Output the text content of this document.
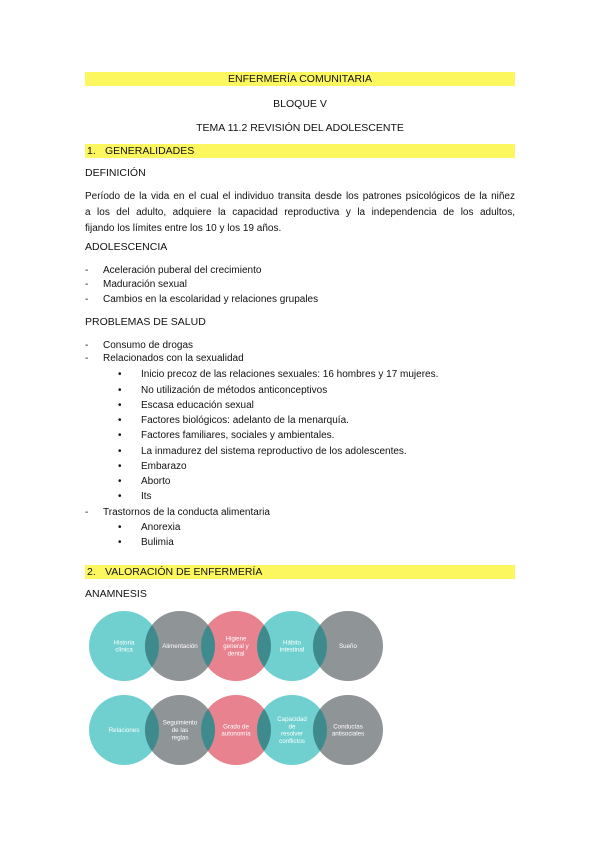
ENFERMERÍA COMUNITARIA
BLOQUE V
TEMA 11.2 REVISIÓN DEL ADOLESCENTE
1. GENERALIDADES
DEFINICIÓN
Período de la vida en el cual el individuo transita desde los patrones psicológicos de la niñez
a los del adulto, adquiere la capacidad reproductiva y la independencia de los adultos,
fijando los límites entre los 10 y los 19 años.
ADOLESCENCIA
- Aceleración puberal del crecimiento
- Maduración sexual
- Cambios en la escolaridad y relaciones grupales
PROBLEMAS DE SALUD
- Consumo de drogas
- Relacionados con la sexualidad
• Inicio precoz de las relaciones sexuales: 16 hombres y 17 mujeres.
• No utilización de métodos anticonceptivos
• Escasa educación sexual
• Factores biológicos: adelanto de la menarquía.
• Factores familiares, sociales y ambientales.
• La inmadurez del sistema reproductivo de los adolescentes.
• Embarazo
• Aborto
• Its
- Trastornos de la conducta alimentaria
• Anorexia
• Bulimia
2. VALORACIÓN DE ENFERMERÍA
ANAMNESIS
Historia clínica
Alimentación
Higiene general y dental
Hábito intestinal
Sueño
Relaciones
Seguimiento de las reglas
Grado de autonomía
Capacidad de resolver conflictos
Conductas antisociales
